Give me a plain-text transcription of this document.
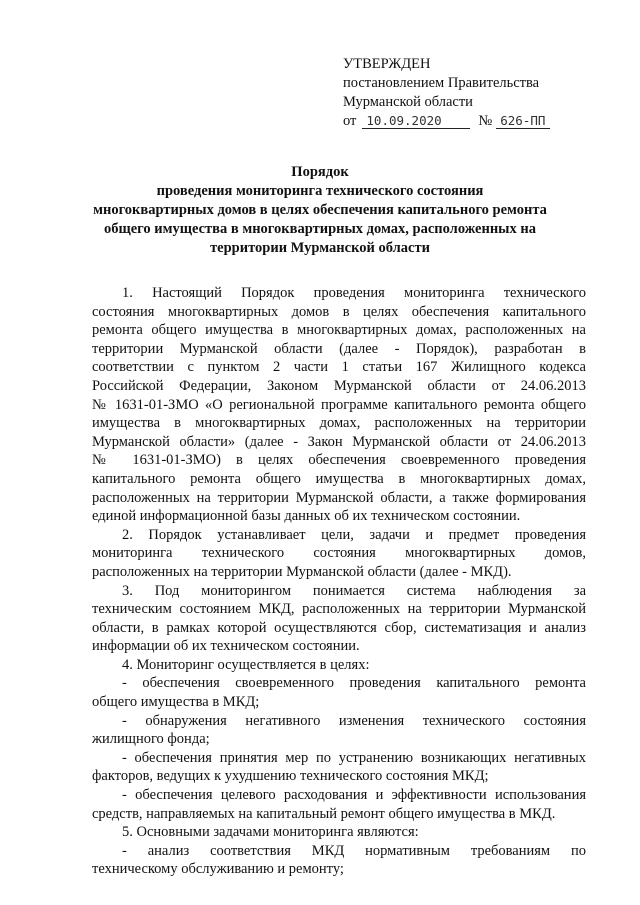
УТВЕРЖДЕН
постановлением Правительства
Мурманской области
от 10.09.2020	№ 626-ПП
Порядок
проведения мониторинга технического состояния
многоквартирных домов в целях обеспечения капитального ремонта
общего имущества в многоквартирных домах, расположенных на
территории Мурманской области
1. Настоящий Порядок проведения мониторинга технического
состояния многоквартирных домов в целях обеспечения капитального
ремонта общего имущества в многоквартирных домах, расположенных на
территории Мурманской области (далее - Порядок), разработан в
соответствии с пунктом 2 части 1 статьи 167 Жилищного кодекса
Российской Федерации, Законом Мурманской области от 24.06.2013
№ 1631-01-ЗМО «О региональной программе капитального ремонта общего
имущества в многоквартирных домах, расположенных на территории
Мурманской области» (далее - Закон Мурманской области от 24.06.2013
№ 1631-01-ЗМО) в целях обеспечения своевременного проведения
капитального ремонта общего имущества в многоквартирных домах,
расположенных на территории Мурманской области, а также формирования
единой информационной базы данных об их техническом состоянии.
2. Порядок устанавливает цели, задачи и предмет проведения
мониторинга технического состояния многоквартирных домов,
расположенных на территории Мурманской области (далее - МКД).
3. Под мониторингом понимается система наблюдения за
техническим состоянием МКД, расположенных на территории Мурманской
области, в рамках которой осуществляются сбор, систематизация и анализ
информации об их техническом состоянии.
4. Мониторинг осуществляется в целях:
- обеспечения своевременного проведения капитального ремонта
общего имущества в МКД;
- обнаружения негативного изменения технического состояния
жилищного фонда;
- обеспечения принятия мер по устранению возникающих негативных
факторов, ведущих к ухудшению технического состояния МКД;
- обеспечения целевого расходования и эффективности использования
средств, направляемых на капитальный ремонт общего имущества в МКД.
5. Основными задачами мониторинга являются:
- анализ соответствия МКД нормативным требованиям по
техническому обслуживанию и ремонту;
